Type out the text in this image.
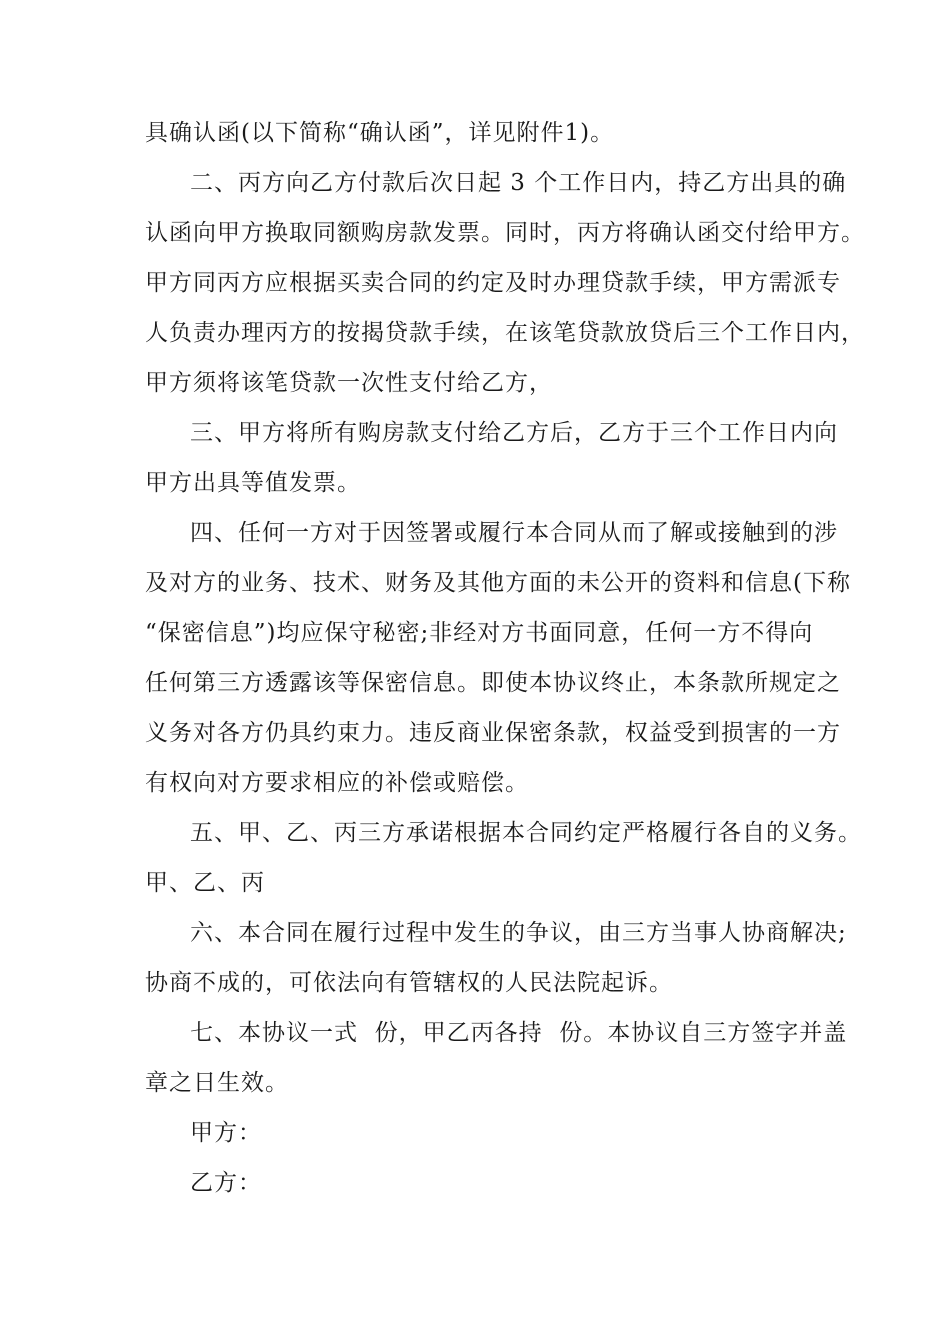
具确认函(以下简称“确认函”，详见附件1)。
二、丙方向乙方付款后次日起 3 个工作日内，持乙方出具的确
认函向甲方换取同额购房款发票。同时，丙方将确认函交付给甲方。
甲方同丙方应根据买卖合同的约定及时办理贷款手续，甲方需派专
人负责办理丙方的按揭贷款手续，在该笔贷款放贷后三个工作日内，
甲方须将该笔贷款一次性支付给乙方，
三、甲方将所有购房款支付给乙方后，乙方于三个工作日内向
甲方出具等值发票。
四、任何一方对于因签署或履行本合同从而了解或接触到的涉
及对方的业务、技术、财务及其他方面的未公开的资料和信息(下称
“保密信息”)均应保守秘密;非经对方书面同意，任何一方不得向
任何第三方透露该等保密信息。即使本协议终止，本条款所规定之
义务对各方仍具约束力。违反商业保密条款，权益受到损害的一方
有权向对方要求相应的补偿或赔偿。
五、甲、乙、丙三方承诺根据本合同约定严格履行各自的义务。
甲、乙、丙
六、本合同在履行过程中发生的争议，由三方当事人协商解决;
协商不成的，可依法向有管辖权的人民法院起诉。
七、本协议一式  份，甲乙丙各持  份。本协议自三方签字并盖
章之日生效。
甲方：
乙方：
